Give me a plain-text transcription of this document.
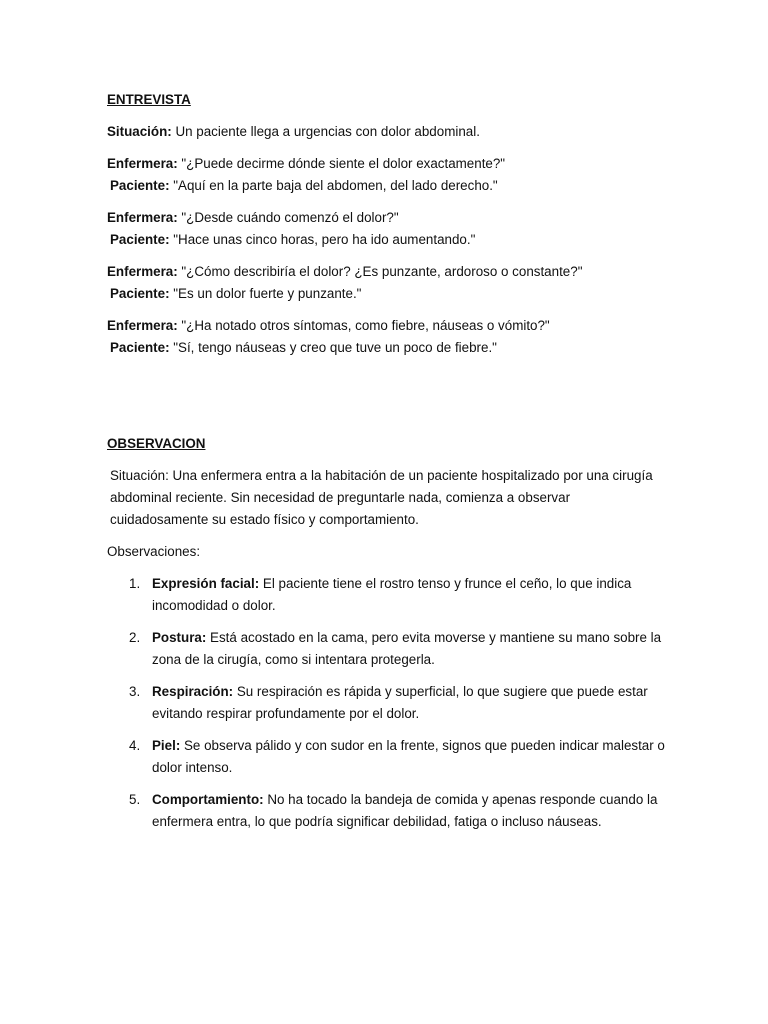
ENTREVISTA
Situación: Un paciente llega a urgencias con dolor abdominal.
Enfermera: "¿Puede decirme dónde siente el dolor exactamente?"
Paciente: "Aquí en la parte baja del abdomen, del lado derecho."
Enfermera: "¿Desde cuándo comenzó el dolor?"
Paciente: "Hace unas cinco horas, pero ha ido aumentando."
Enfermera: "¿Cómo describiría el dolor? ¿Es punzante, ardoroso o constante?"
Paciente: "Es un dolor fuerte y punzante."
Enfermera: "¿Ha notado otros síntomas, como fiebre, náuseas o vómito?"
Paciente: "Sí, tengo náuseas y creo que tuve un poco de fiebre."
OBSERVACION
Situación: Una enfermera entra a la habitación de un paciente hospitalizado por una cirugía abdominal reciente. Sin necesidad de preguntarle nada, comienza a observar cuidadosamente su estado físico y comportamiento.
Observaciones:
1. Expresión facial: El paciente tiene el rostro tenso y frunce el ceño, lo que indica incomodidad o dolor.
2. Postura: Está acostado en la cama, pero evita moverse y mantiene su mano sobre la zona de la cirugía, como si intentara protegerla.
3. Respiración: Su respiración es rápida y superficial, lo que sugiere que puede estar evitando respirar profundamente por el dolor.
4. Piel: Se observa pálido y con sudor en la frente, signos que pueden indicar malestar o dolor intenso.
5. Comportamiento: No ha tocado la bandeja de comida y apenas responde cuando la enfermera entra, lo que podría significar debilidad, fatiga o incluso náuseas.
